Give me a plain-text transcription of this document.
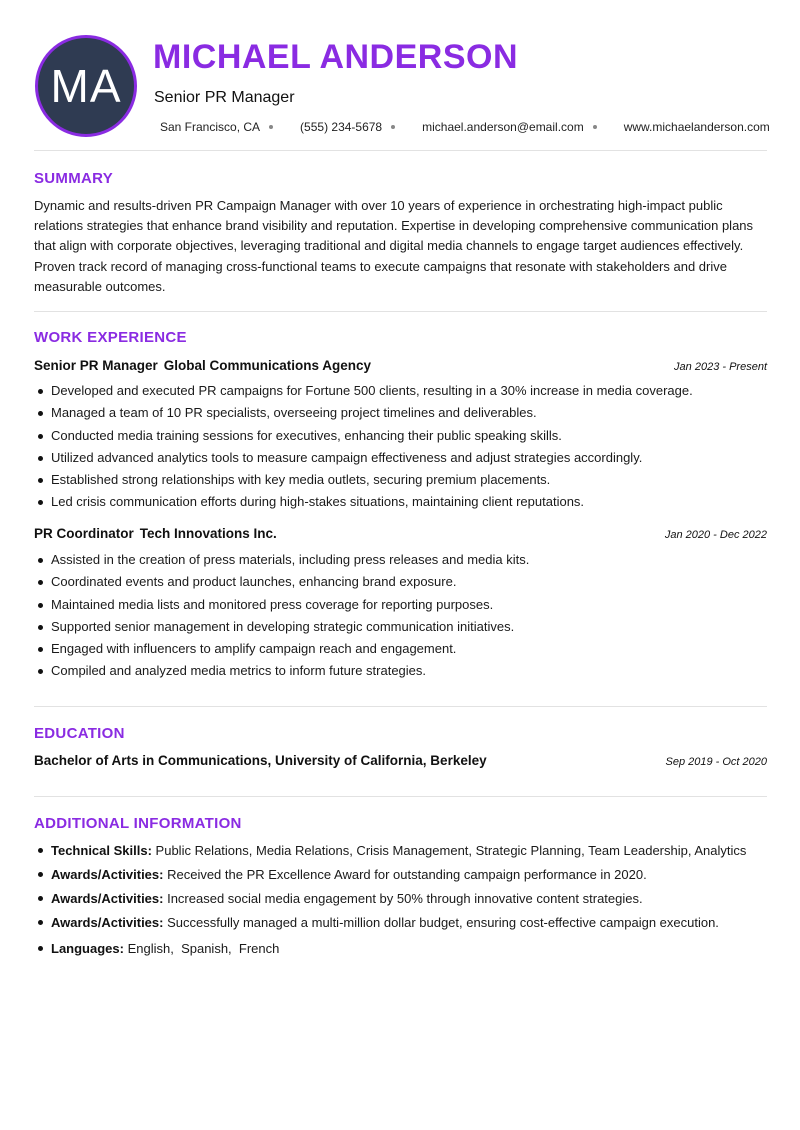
MA
MICHAEL ANDERSON
Senior PR Manager
San Francisco, CA	(555) 234-5678	michael.anderson@email.com	www.michaelanderson.com
SUMMARY
Dynamic and results-driven PR Campaign Manager with over 10 years of experience in orchestrating high-impact public relations strategies that enhance brand visibility and reputation. Expertise in developing comprehensive communication plans that align with corporate objectives, leveraging traditional and digital media channels to engage target audiences effectively. Proven track record of managing cross-functional teams to execute campaigns that resonate with stakeholders and drive measurable outcomes.
WORK EXPERIENCE
Senior PR Manager Global Communications Agency	Jan 2023 - Present
Developed and executed PR campaigns for Fortune 500 clients, resulting in a 30% increase in media coverage.
Managed a team of 10 PR specialists, overseeing project timelines and deliverables.
Conducted media training sessions for executives, enhancing their public speaking skills.
Utilized advanced analytics tools to measure campaign effectiveness and adjust strategies accordingly.
Established strong relationships with key media outlets, securing premium placements.
Led crisis communication efforts during high-stakes situations, maintaining client reputations.
PR Coordinator Tech Innovations Inc.	Jan 2020 - Dec 2022
Assisted in the creation of press materials, including press releases and media kits.
Coordinated events and product launches, enhancing brand exposure.
Maintained media lists and monitored press coverage for reporting purposes.
Supported senior management in developing strategic communication initiatives.
Engaged with influencers to amplify campaign reach and engagement.
Compiled and analyzed media metrics to inform future strategies.
EDUCATION
Bachelor of Arts in Communications, University of California, Berkeley	Sep 2019 - Oct 2020
ADDITIONAL INFORMATION
Technical Skills: Public Relations, Media Relations, Crisis Management, Strategic Planning, Team Leadership, Analytics
Awards/Activities: Received the PR Excellence Award for outstanding campaign performance in 2020.
Awards/Activities: Increased social media engagement by 50% through innovative content strategies.
Awards/Activities: Successfully managed a multi-million dollar budget, ensuring cost-effective campaign execution.
Languages: English,  Spanish,  French
